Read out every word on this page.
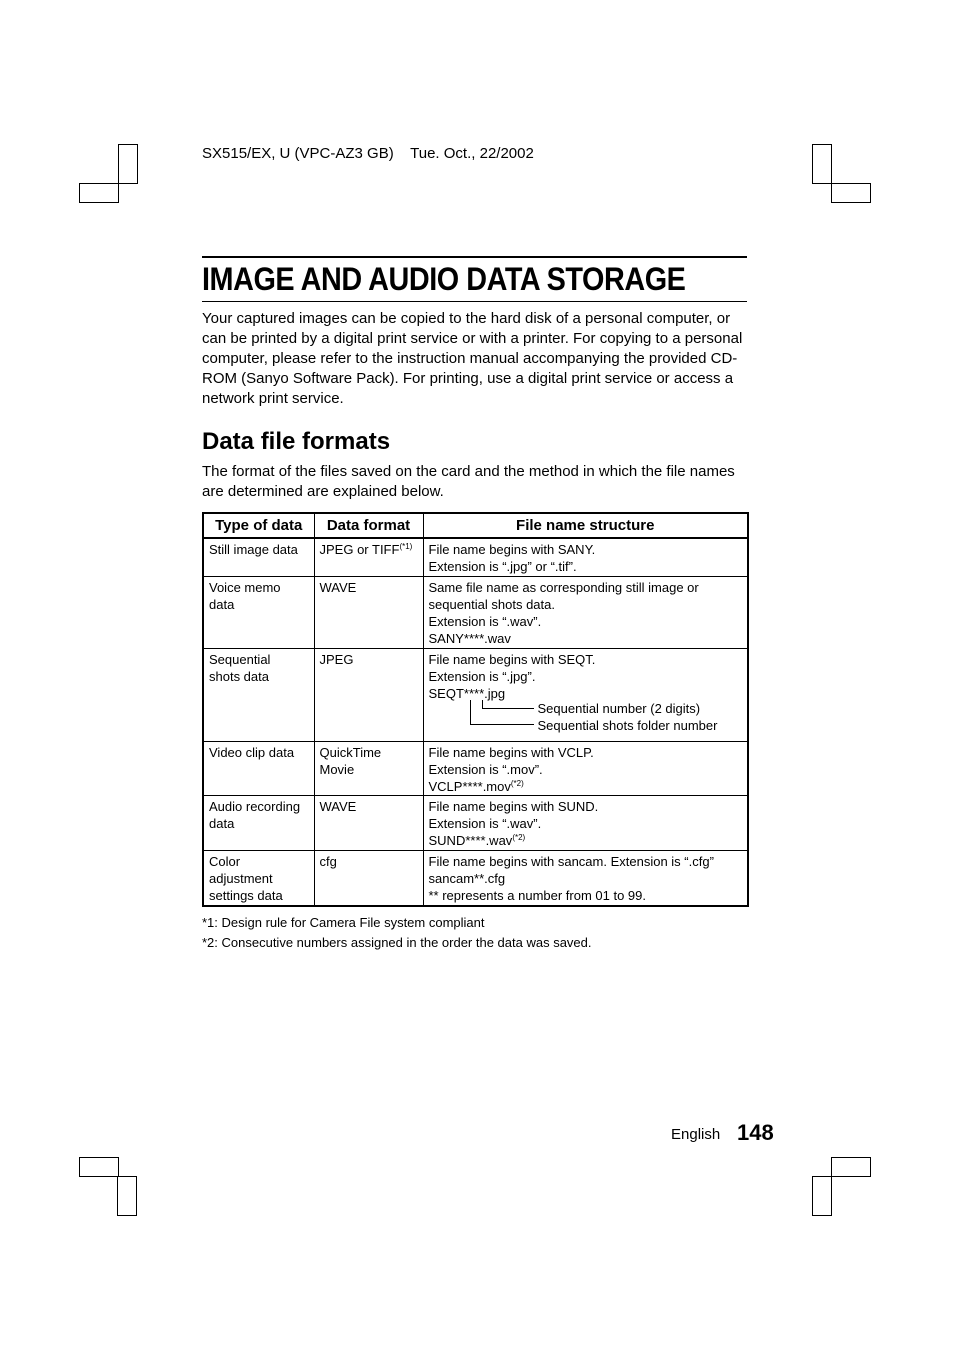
SX515/EX, U (VPC-AZ3 GB) Tue. Oct., 22/2002
IMAGE AND AUDIO DATA STORAGE

Your captured images can be copied to the hard disk of a personal computer, or can be printed by a digital print service or with a printer. For copying to a personal computer, please refer to the instruction manual accompanying the provided CD-ROM (Sanyo Software Pack). For printing, use a digital print service or access a network print service.

Data file formats

The format of the files saved on the card and the method in which the file names are determined are explained below.

Type of data	Data format	File name structure

Still image data	JPEG or $TIFF^{(*1)}$	File name begins with SANY.
Extension is “.jpg” or “.tif”.

Voice memo
data	WAVE	Same file name as corresponding still image or
sequential shots data.
Extension is “.wav”.
SANY****.wav

Sequential
shots data	JPEG	File name begins with SEQT.
Extension is “.jpg”.
SEQT****.jpg
Sequential number (2 digits)
Sequential shots folder number

Video clip data	QuickTime
Movie	File name begins with VCLP.
Extension is “.mov”.
VCLP****.mov$^{(*2)}$

Audio recording
data	WAVE	File name begins with SUND.
Extension is “.wav”.
SUND****.wav$^{(*2)}$

Color
adjustment
settings data	cfg	File name begins with sancam. Extension is “.cfg”
sancam**.cfg
** represents a number from 01 to 99.

*1: Design rule for Camera File system compliant

*2: Consecutive numbers assigned in the order the data was saved.

English 148
